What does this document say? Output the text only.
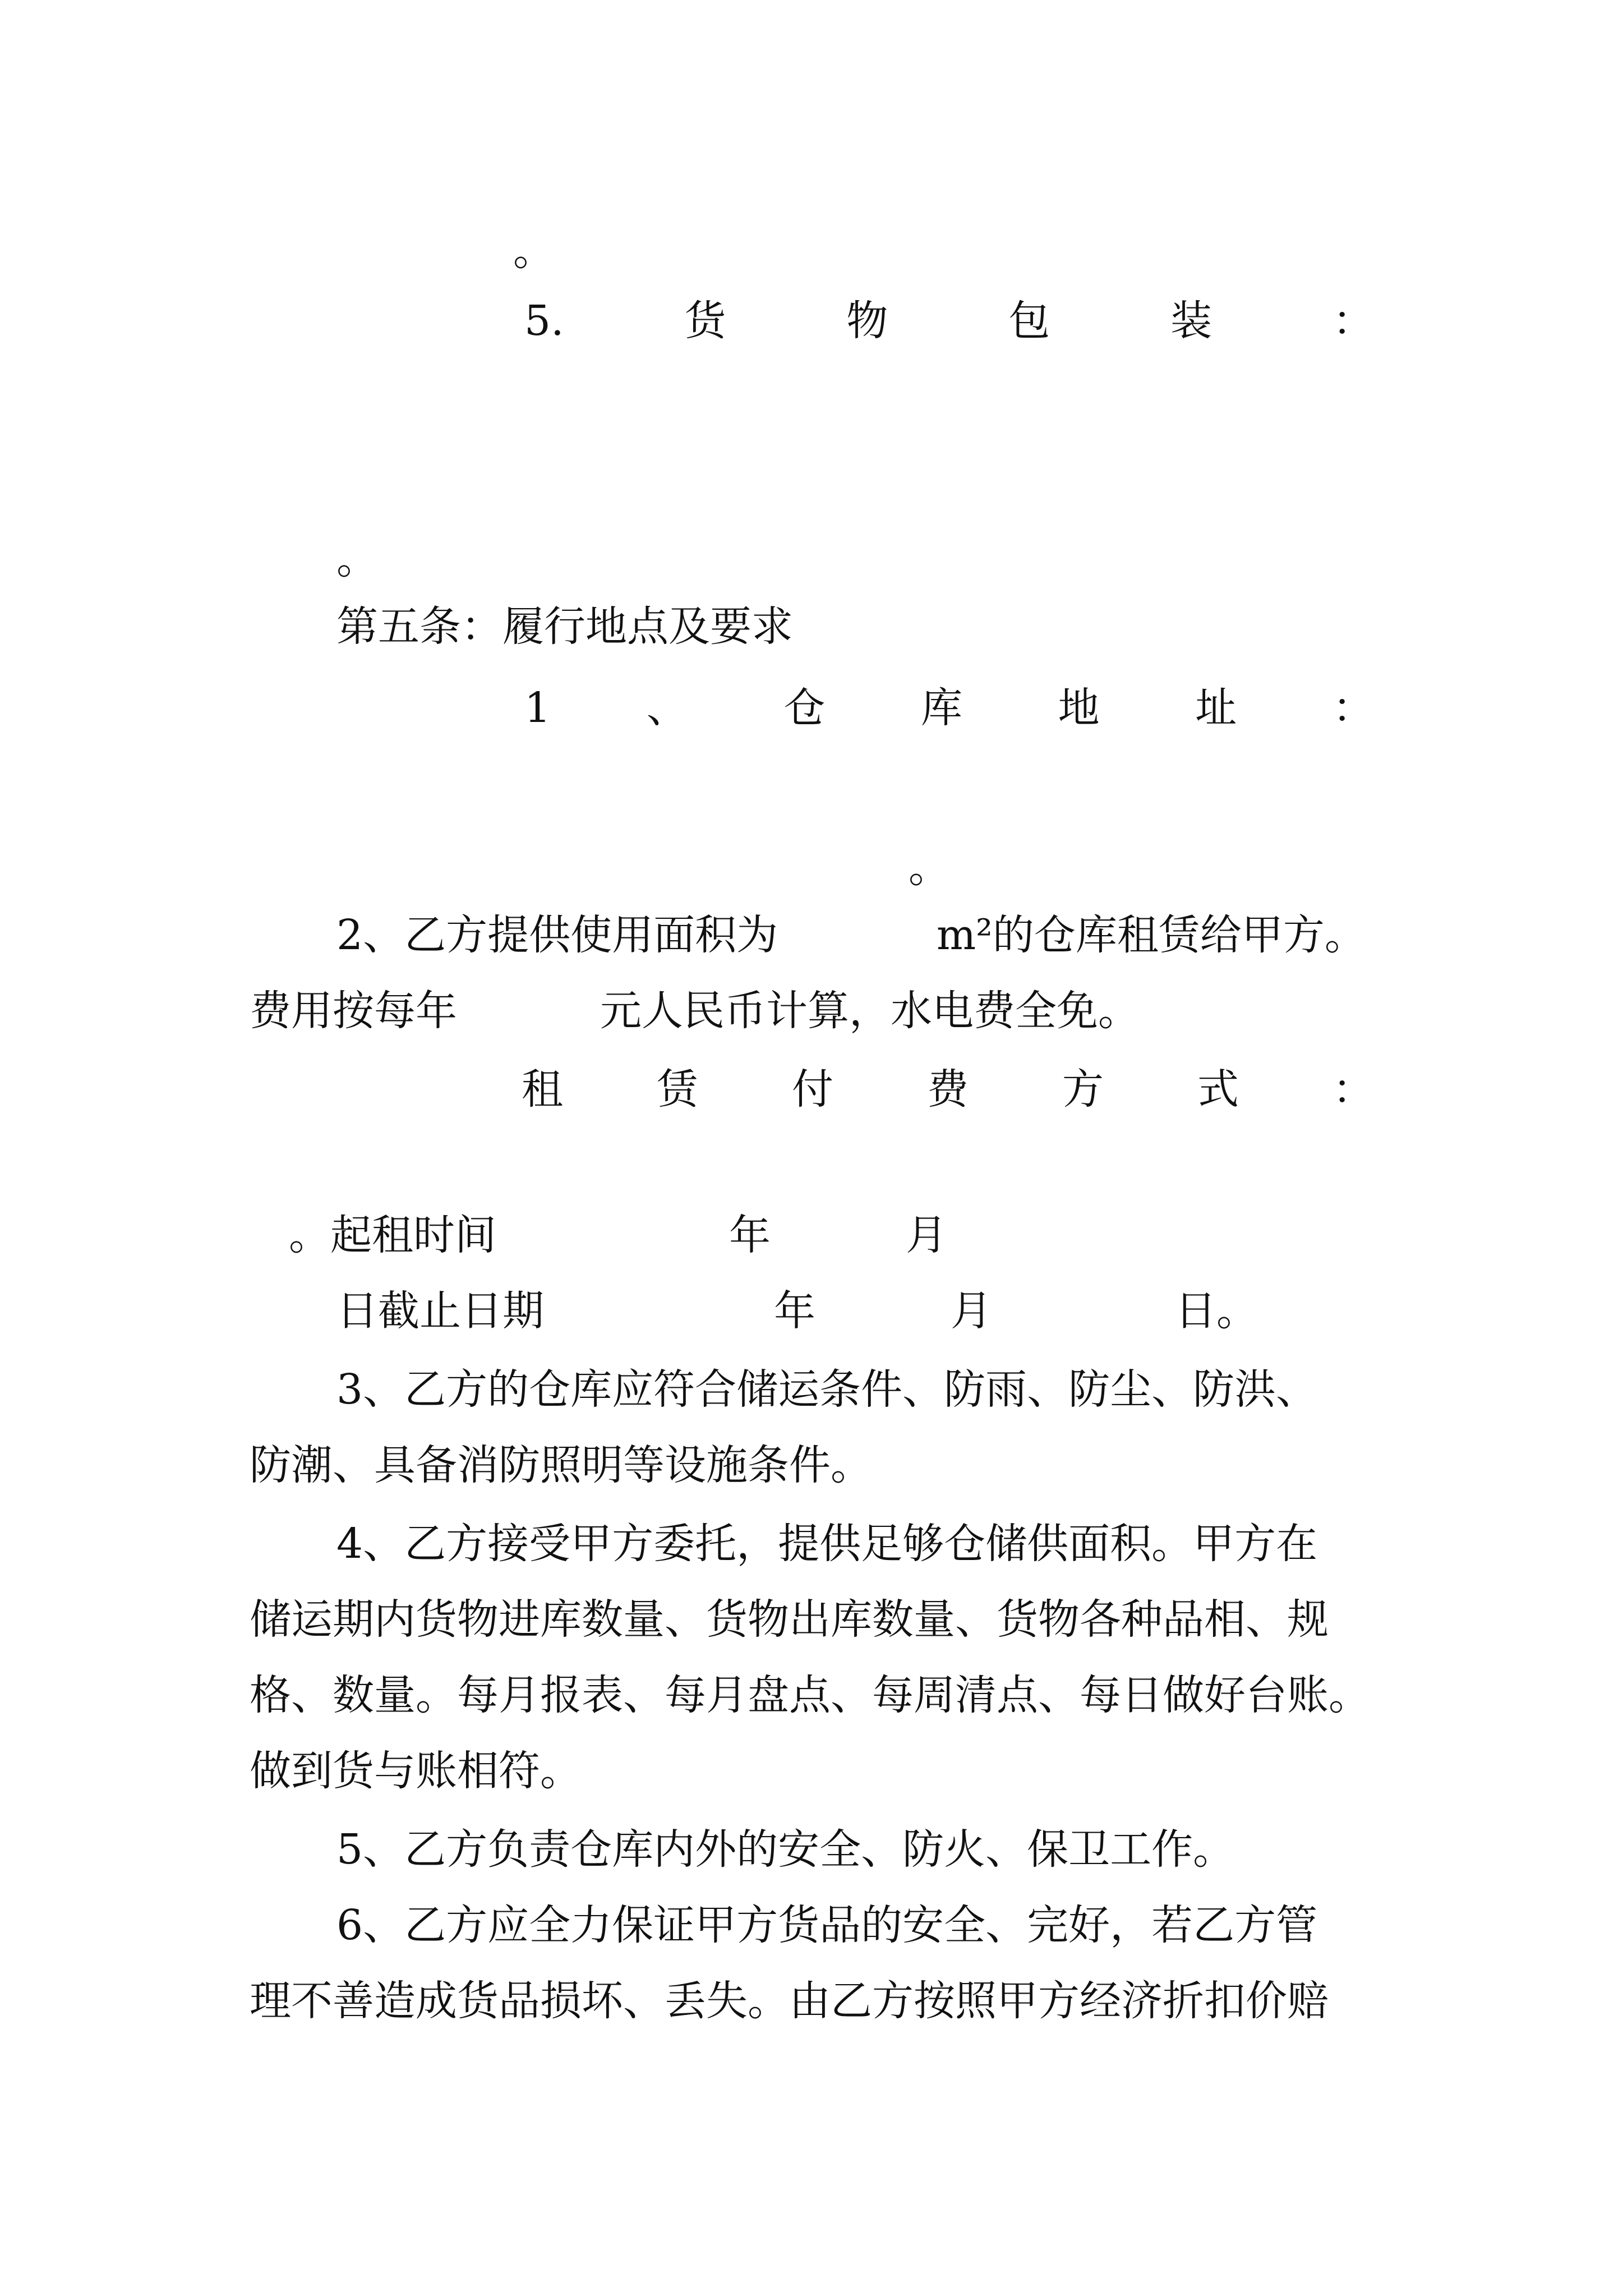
。
5.	货	物	包	装	：
。
第五条：履行地点及要求
1 、 仓 库 地 址 ：
。
2、乙方提供使用面积为	m²的仓库租赁给甲方。
费用按每年	元人民币计算，水电费全免。
租 赁 付 费 方 式 ：
。起租时间	年	月
日截止日期	年	月	日。
3、乙方的仓库应符合储运条件、防雨、防尘、防洪、
防潮、具备消防照明等设施条件。
4、乙方接受甲方委托，提供足够仓储供面积。甲方在
储运期内货物进库数量、货物出库数量、货物各种品相、规
格、数量。每月报表、每月盘点、每周清点、每日做好台账。
做到货与账相符。
5、乙方负责仓库内外的安全、防火、保卫工作。
6、乙方应全力保证甲方货品的安全、完好，若乙方管
理不善造成货品损坏、丢失。由乙方按照甲方经济折扣价赔
